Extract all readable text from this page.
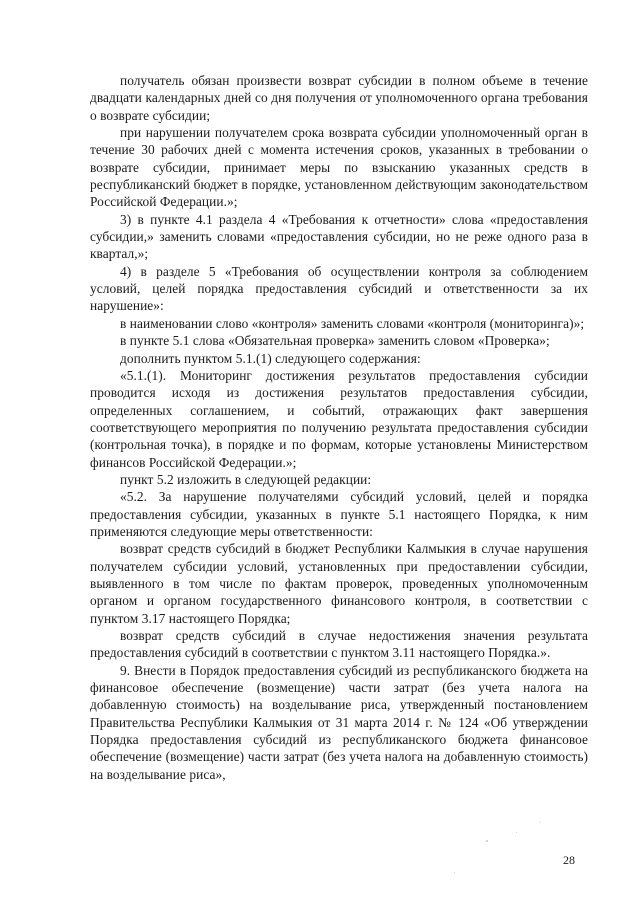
получатель обязан произвести возврат субсидии в полном объеме в течение двадцати календарных дней со дня получения от уполномоченного органа требования о возврате субсидии;

при нарушении получателем срока возврата субсидии уполномоченный орган в течение 30 рабочих дней с момента истечения сроков, указанных в требовании о возврате субсидии, принимает меры по взысканию указанных средств в республиканский бюджет в порядке, установленном действующим законодательством Российской Федерации.»;

3) в пункте 4.1 раздела 4 «Требования к отчетности» слова «предоставления субсидии,» заменить словами «предоставления субсидии, но не реже одного раза в квартал,»;

4) в разделе 5 «Требования об осуществлении контроля за соблюдением условий, целей порядка предоставления субсидий и ответственности за их нарушение»:

в наименовании слово «контроля» заменить словами «контроля (мониторинга)»;

в пункте 5.1 слова «Обязательная проверка» заменить словом «Проверка»;

дополнить пунктом 5.1.(1) следующего содержания:

«5.1.(1). Мониторинг достижения результатов предоставления субсидии проводится исходя из достижения результатов предоставления субсидии, определенных соглашением, и событий, отражающих факт завершения соответствующего мероприятия по получению результата предоставления субсидии (контрольная точка), в порядке и по формам, которые установлены Министерством финансов Российской Федерации.»;

пункт 5.2 изложить в следующей редакции:

«5.2. За нарушение получателями субсидий условий, целей и порядка предоставления субсидии, указанных в пункте 5.1 настоящего Порядка, к ним применяются следующие меры ответственности:

возврат средств субсидий в бюджет Республики Калмыкия в случае нарушения получателем субсидии условий, установленных при предоставлении субсидии, выявленного в том числе по фактам проверок, проведенных уполномоченным органом и органом государственного финансового контроля, в соответствии с пунктом 3.17 настоящего Порядка;

возврат средств субсидий в случае недостижения значения результата предоставления субсидий в соответствии с пунктом 3.11 настоящего Порядка.».

9. Внести в Порядок предоставления субсидий из республиканского бюджета на финансовое обеспечение (возмещение) части затрат (без учета налога на добавленную стоимость) на возделывание риса, утвержденный постановлением Правительства Республики Калмыкия от 31 марта 2014 г. № 124 «Об утверждении Порядка предоставления субсидий из республиканского бюджета финансовое обеспечение (возмещение) части затрат (без учета налога на добавленную стоимость) на возделывание риса»,

28
